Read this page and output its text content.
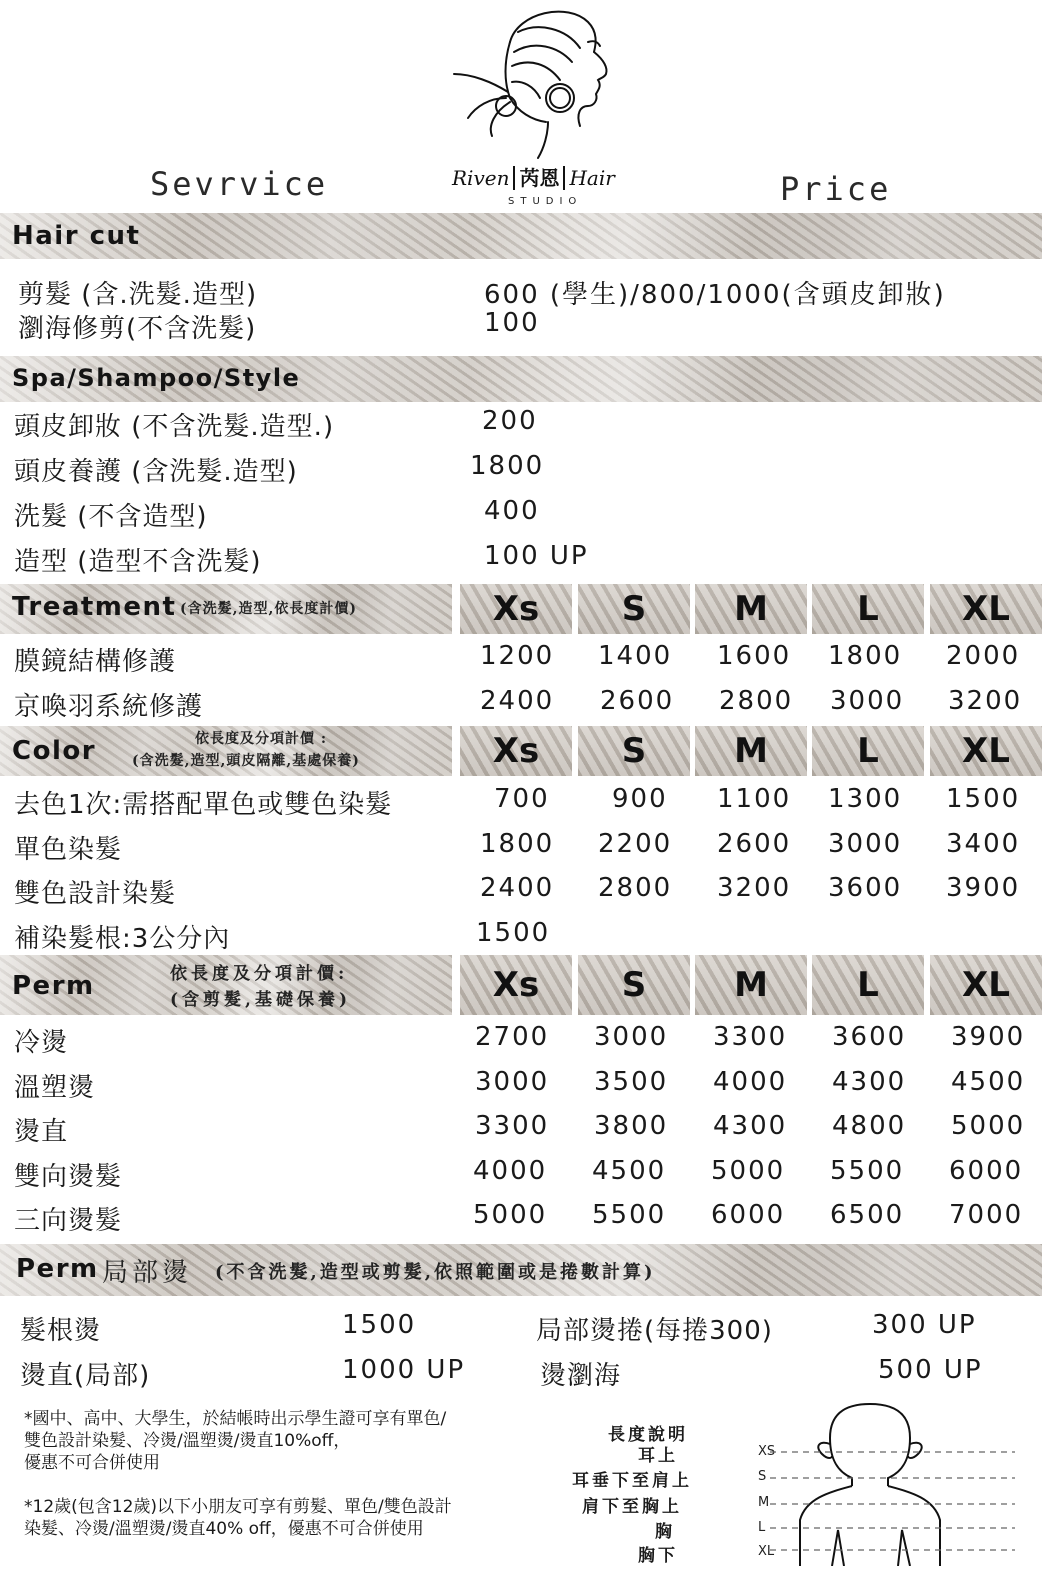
Sevrvice	Price
Riven 芮恩 Hair
STUDIO
Hair cut
剪髮 (含.洗髮.造型)	600 (學生)/800/1000(含頭皮卸妝)
瀏海修剪(不含洗髮)	100
Spa/Shampoo/Style
頭皮卸妝 (不含洗髮.造型.)	200
頭皮養護 (含洗髮.造型)	1800
洗髮 (不含造型)	400
造型 (造型不含洗髮)	100 UP
Treatment (含洗髮,造型,依長度計價)	Xs S	M	L XL
膜鏡結構修護	1200 1400 1600 1800 2000
京喚羽系統修護	2400 2600 2800 3000 3200
Color	依長度及分項計價 :
(含洗髮,造型,頭皮隔離,基處保養)	Xs S	M	L XL
去色1次:需搭配單色或雙色染髮	700 900 1100 1300 1500
單色染髮	1800 2200 2600 3000 3400
雙色設計染髮	2400 2800 3200 3600 3900
補染髮根:3公分內	1500
Perm	依長度及分項計價:
(含剪髮,基礎保養)	Xs S	M	L XL
冷燙	2700 3000 3300 3600 3900
溫塑燙	3000 3500 4000 4300 4500
燙直	3300 3800 4300 4800 5000
雙向燙髮	4000 4500 5000 5500 6000
三向燙髮	5000 5500 6000 6500 7000
Perm 局部燙 (不含洗髮,造型或剪髮,依照範圍或是捲數計算)
髮根燙	1500
燙直(局部)	1000 UP
局部燙捲(每捲300)	300 UP
燙瀏海	500 UP
*國中、高中、大學生，於結帳時出示學生證可享有單色/
雙色設計染髮、冷燙/溫塑燙/燙直10%off，
優惠不可合併使用
*12歲(包含12歲)以下小朋友可享有剪髮、單色/雙色設計
染髮、冷燙/溫塑燙/燙直40% off，優惠不可合併使用
長度說明
耳上
耳垂下至肩上
肩下至胸上
胸
胸下
XS
S
M
L
XL
